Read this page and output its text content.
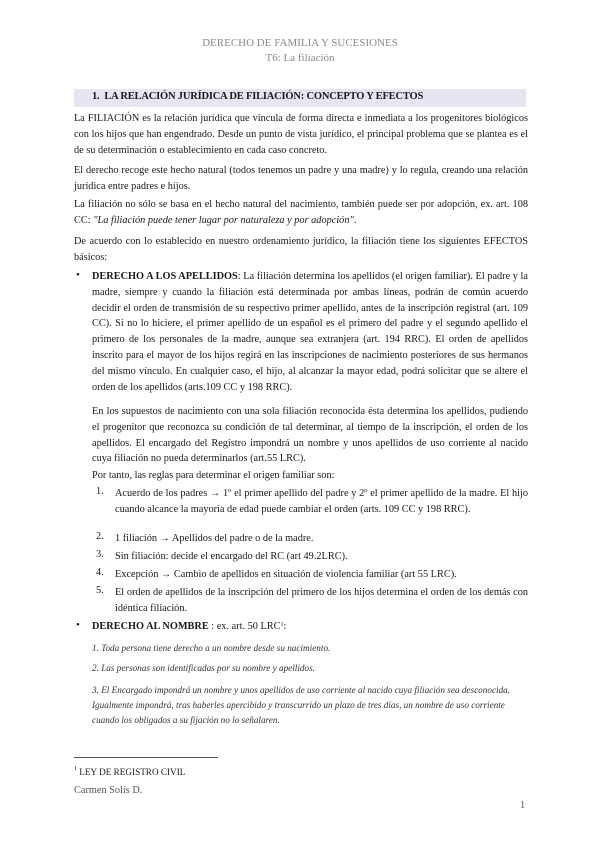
DERECHO DE FAMILIA Y SUCESIONES
T6: La filiación
1. LA RELACIÓN JURÍDICA DE FILIACIÓN: CONCEPTO Y EFECTOS

La FILIACIÓN es la relación jurídica que vincula de forma directa e inmediata a los progenitores biológicos con los hijos que han engendrado. Desde un punto de vista jurídico, el principal problema que se plantea es el de su determinación o establecimiento en cada caso concreto.

El derecho recoge este hecho natural (todos tenemos un padre y una madre) y lo regula, creando una relación jurídica entre padres e hijos.

La filiación no sólo se basa en el hecho natural del nacimiento, también puede ser por adopción, ex. art. 108 CC: "La filiación puede tener lugar por naturaleza y por adopción".

De acuerdo con lo establecido en nuestro ordenamiento jurídico, la filiación tiene los siguientes EFECTOS básicos:

• DERECHO A LOS APELLIDOS: La filiación determina los apellidos (el origen familiar). El padre y la madre, siempre y cuando la filiación está determinada por ambas líneas, podrán de común acuerdo decidir el orden de transmisión de su respectivo primer apellido, antes de la inscripción registral (art. 109 CC). Si no lo hiciere, el primer apellido de un español es el primero del padre y el segundo apellido el primero de los personales de la madre, aunque sea extranjera (art. 194 RRC). El orden de apellidos inscrito para el mayor de los hijos regirá en las inscripciones de nacimiento posteriores de sus hermanos del mismo vínculo. En cualquier caso, el hijo, al alcanzar la mayor edad, podrá solicitar que se altere el orden de los apellidos (arts.109 CC y 198 RRC).

En los supuestos de nacimiento con una sola filiación reconocida ésta determina los apellidos, pudiendo el progenitor que reconozca su condición de tal determinar, al tiempo de la inscripción, el orden de los apellidos. El encargado del Registro impondrá un nombre y unos apellidos de uso corriente al nacido cuya filiación no pueda determinarlos (art.55 LRC).

Por tanto, las reglas para determinar el origen familiar son:

1. Acuerdo de los padres → 1º el primer apellido del padre y 2º el primer apellido de la madre. El hijo cuando alcance la mayoría de edad puede cambiar el orden (arts. 109 CC y 198 RRC).

2. 1 filiación → Apellidos del padre o de la madre.

3. Sin filiación: decide el encargado del RC (art 49.2LRC).

4. Excepción → Cambio de apellidos en situación de violencia familiar (art 55 LRC).

5. El orden de apellidos de la inscripción del primero de los hijos determina el orden de los demás con idéntica filiación.

• DERECHO AL NOMBRE : ex. art. 50 LRC$^1$:

1. Toda persona tiene derecho a un nombre desde su nacimiento.

2. Las personas son identificadas por su nombre y apellidos.

3. El Encargado impondrá un nombre y unos apellidos de uso corriente al nacido cuya filiación sea desconocida. Igualmente impondrá, tras haberles apercibido y transcurrido un plazo de tres días, un nombre de uso corriente cuando los obligados a su fijación no lo señalaren.

$^1$ LEY DE REGISTRO CIVIL
Carmen Solís D.
1
